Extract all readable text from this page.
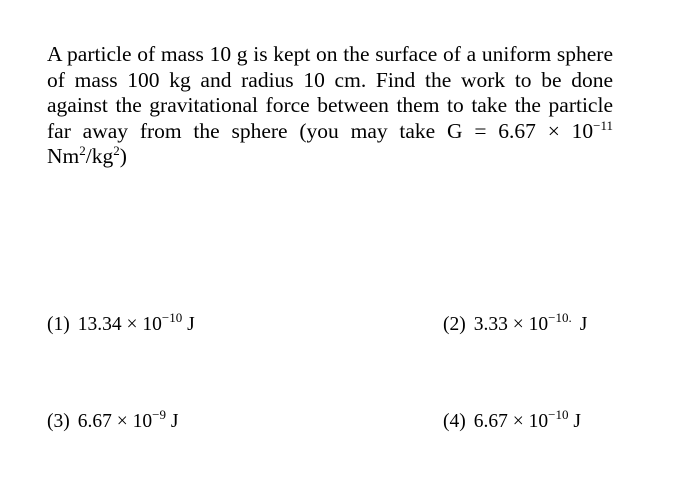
A particle of mass 10 g is kept on the surface of a uniform sphere of mass 100 kg and radius 10 cm. Find the work to be done against the gravitational force between them to take the particle far away from the sphere (you may take $G = 6.67 \times 10^{-11}$ $Nm^2/kg^2$)
(1) $13.34 \times 10^{-10}$ J	(2) $3.33 \times 10^{-10.}$ J
(3) $6.67 \times 10^{-9}$ J	(4) $6.67 \times 10^{-10}$ J
